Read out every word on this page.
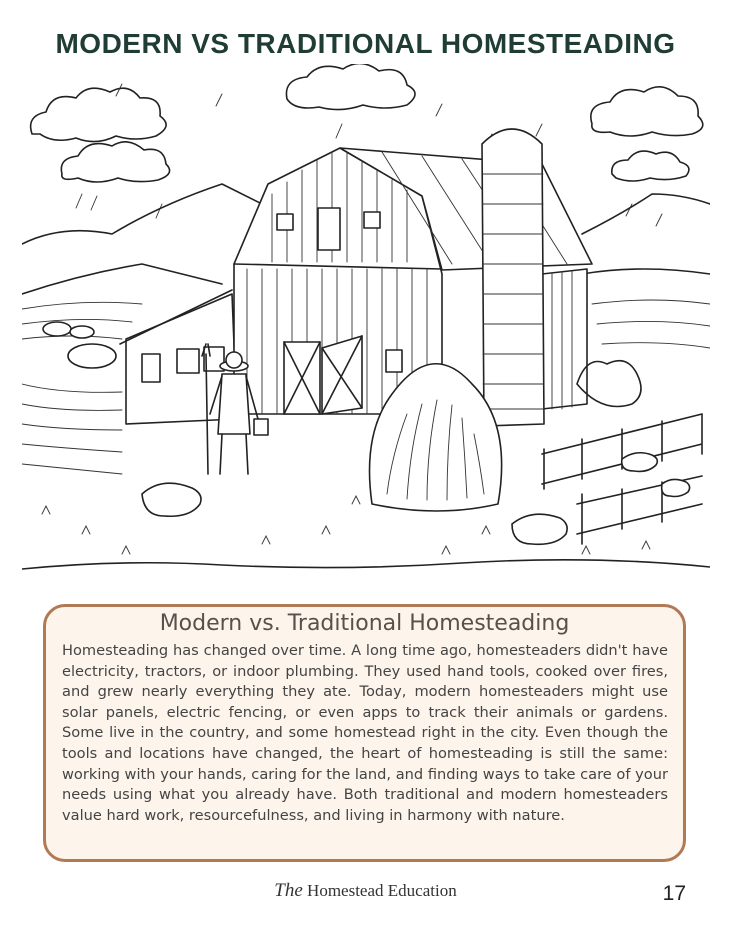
MODERN VS TRADITIONAL HOMESTEADING
Modern vs. Traditional Homesteading
Homesteading has changed over time. A long time ago, homesteaders didn't have electricity, tractors, or indoor plumbing. They used hand tools, cooked over fires, and grew nearly everything they ate. Today, modern homesteaders might use solar panels, electric fencing, or even apps to track their animals or gardens. Some live in the country, and some homestead right in the city. Even though the tools and locations have changed, the heart of homesteading is still the same: working with your hands, caring for the land, and finding ways to take care of your needs using what you already have. Both traditional and modern homesteaders value hard work, resourcefulness, and living in harmony with nature.
The Homestead Education	17
